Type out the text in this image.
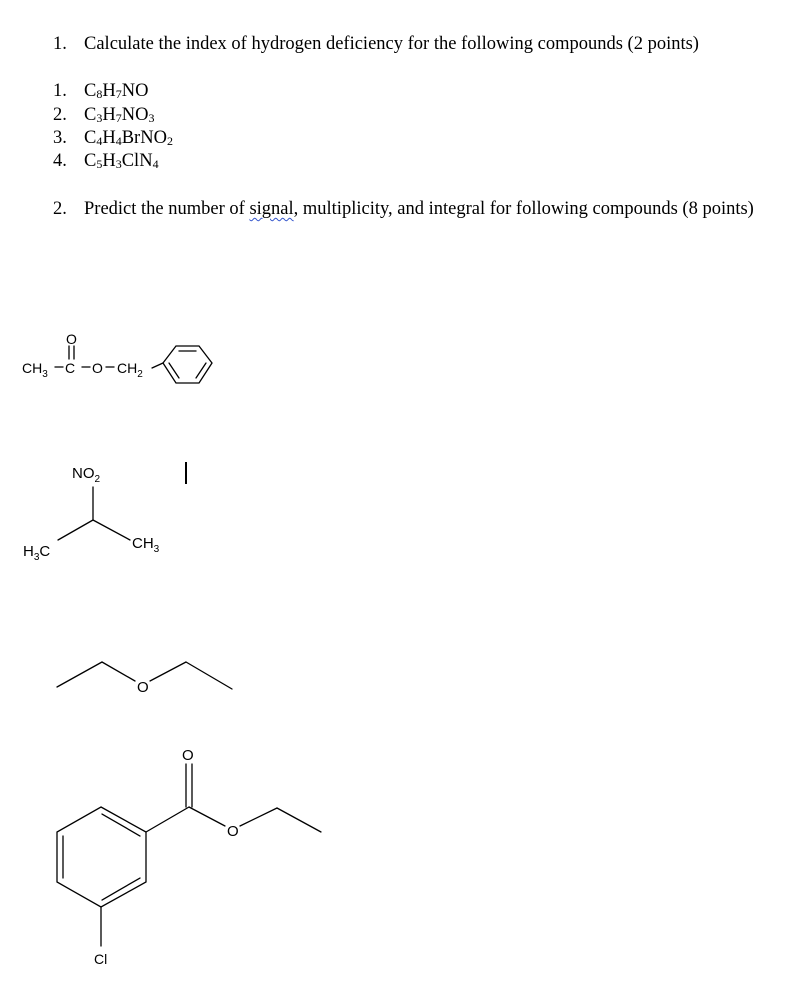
1. Calculate the index of hydrogen deficiency for the following compounds (2 points)
1. $C_8H_7NO$
2. $C_3H_7NO_3$
3. $C_4H_4BrNO_2$
4. $C_5H_3ClN_4$
2. Predict the number of signal, multiplicity, and integral for following compounds (8 points)
$CH_3$ C
O
O $CH_2$
$NO_2$
$H_3C$	$CH_3$
O
O
O
Cl
